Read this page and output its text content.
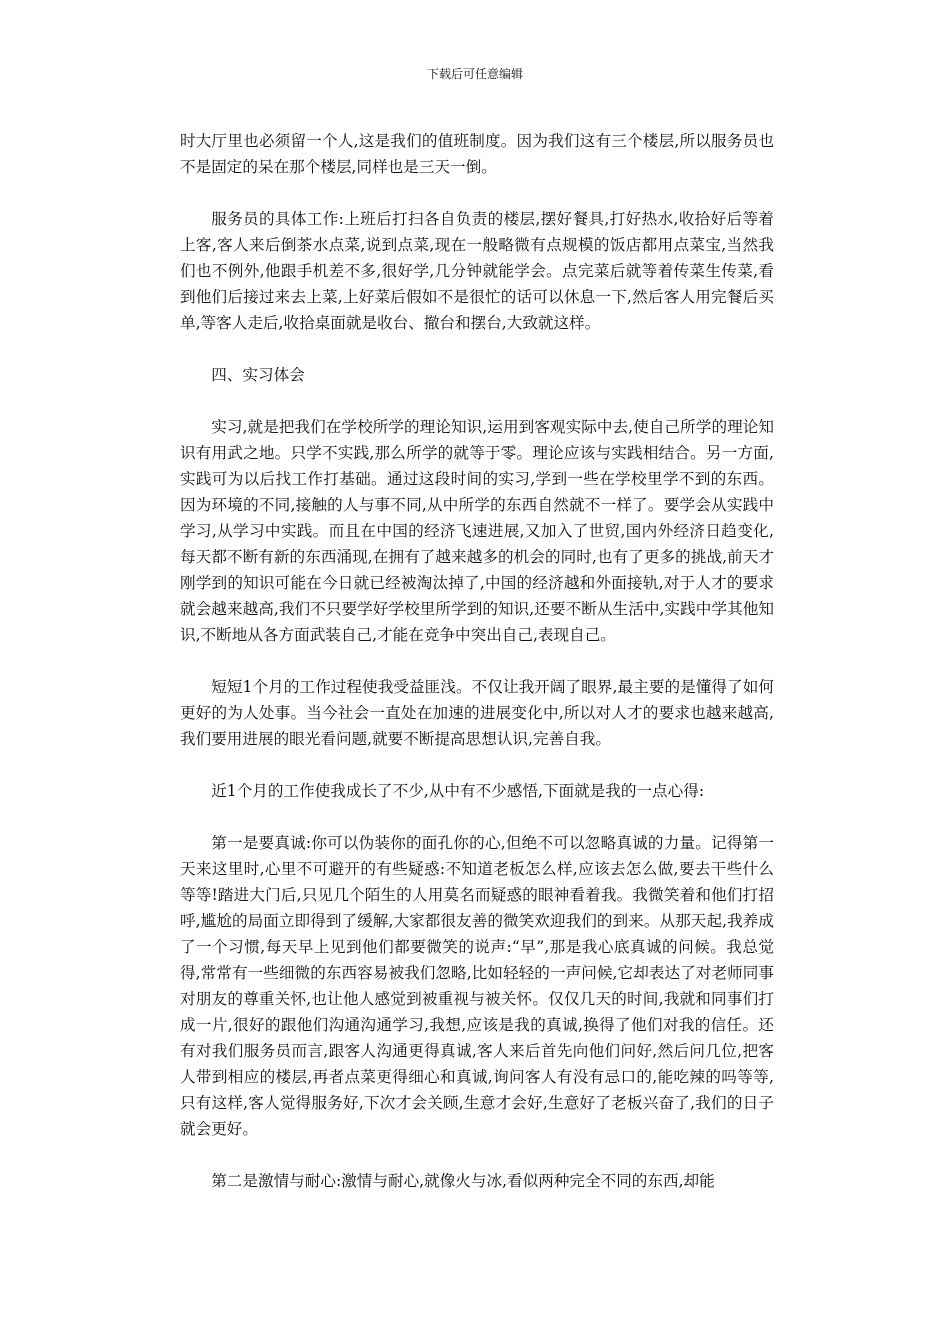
下载后可任意编辑

时大厅里也必须留一个人,这是我们的值班制度。因为我们这有三个楼层,所以服务员也不是固定的呆在那个楼层,同样也是三天一倒。

服务员的具体工作:上班后打扫各自负责的楼层,摆好餐具,打好热水,收拾好后等着上客,客人来后倒茶水点菜,说到点菜,现在一般略微有点规模的饭店都用点菜宝,当然我们也不例外,他跟手机差不多,很好学,几分钟就能学会。点完菜后就等着传菜生传菜,看到他们后接过来去上菜,上好菜后假如不是很忙的话可以休息一下,然后客人用完餐后买单,等客人走后,收拾桌面就是收台、撤台和摆台,大致就这样。

四、实习体会

实习,就是把我们在学校所学的理论知识,运用到客观实际中去,使自己所学的理论知识有用武之地。只学不实践,那么所学的就等于零。理论应该与实践相结合。另一方面,实践可为以后找工作打基础。通过这段时间的实习,学到一些在学校里学不到的东西。因为环境的不同,接触的人与事不同,从中所学的东西自然就不一样了。要学会从实践中学习,从学习中实践。而且在中国的经济飞速进展,又加入了世贸,国内外经济日趋变化,每天都不断有新的东西涌现,在拥有了越来越多的机会的同时,也有了更多的挑战,前天才刚学到的知识可能在今日就已经被淘汰掉了,中国的经济越和外面接轨,对于人才的要求就会越来越高,我们不只要学好学校里所学到的知识,还要不断从生活中,实践中学其他知识,不断地从各方面武装自己,才能在竞争中突出自己,表现自己。

短短1个月的工作过程使我受益匪浅。不仅让我开阔了眼界,最主要的是懂得了如何更好的为人处事。当今社会一直处在加速的进展变化中,所以对人才的要求也越来越高,我们要用进展的眼光看问题,就要不断提高思想认识,完善自我。

近1个月的工作使我成长了不少,从中有不少感悟,下面就是我的一点心得:

第一是要真诚:你可以伪装你的面孔你的心,但绝不可以忽略真诚的力量。记得第一天来这里时,心里不可避开的有些疑惑:不知道老板怎么样,应该去怎么做,要去干些什么等等!踏进大门后,只见几个陌生的人用莫名而疑惑的眼神看着我。我微笑着和他们打招呼,尴尬的局面立即得到了缓解,大家都很友善的微笑欢迎我们的到来。从那天起,我养成了一个习惯,每天早上见到他们都要微笑的说声:“早”,那是我心底真诚的问候。我总觉得,常常有一些细微的东西容易被我们忽略,比如轻轻的一声问候,它却表达了对老师同事对朋友的尊重关怀,也让他人感觉到被重视与被关怀。仅仅几天的时间,我就和同事们打成一片,很好的跟他们沟通沟通学习,我想,应该是我的真诚,换得了他们对我的信任。还有对我们服务员而言,跟客人沟通更得真诚,客人来后首先向他们问好,然后问几位,把客人带到相应的楼层,再者点菜更得细心和真诚,询问客人有没有忌口的,能吃辣的吗等等,只有这样,客人觉得服务好,下次才会关顾,生意才会好,生意好了老板兴奋了,我们的日子就会更好。

第二是激情与耐心:激情与耐心,就像火与冰,看似两种完全不同的东西,却能
